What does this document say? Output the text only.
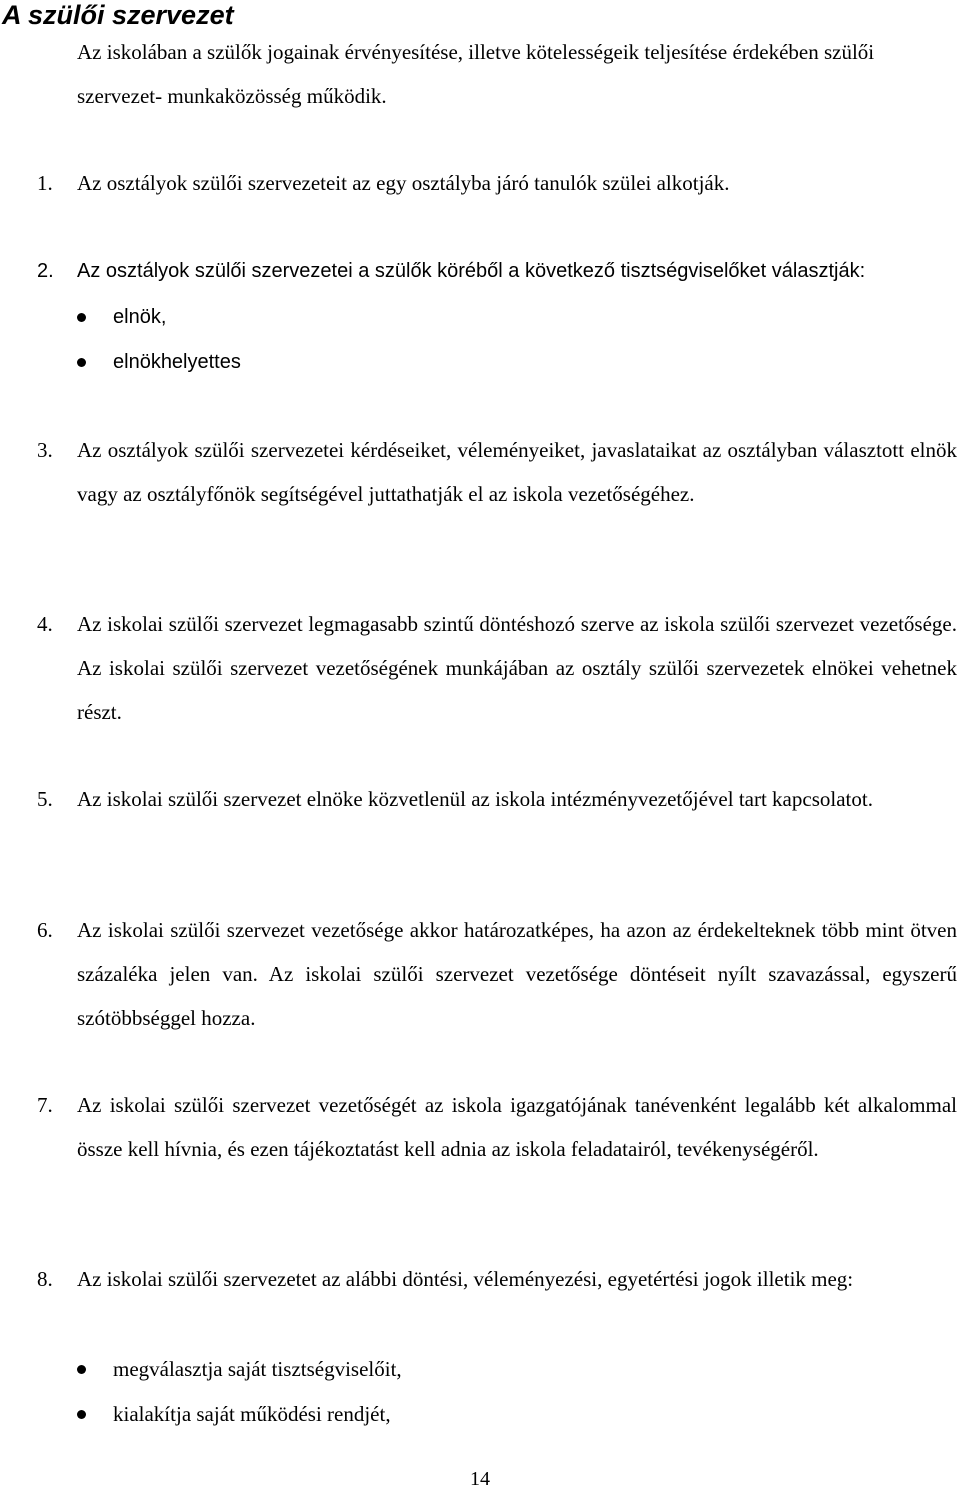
A szülői szervezet

Az iskolában a szülők jogainak érvényesítése, illetve kötelességeik teljesítése érdekében szülői szervezet- munkaközösség működik.

1. Az osztályok szülői szervezeteit az egy osztályba járó tanulók szülei alkotják.
2. Az osztályok szülői szervezetei a szülők köréből a következő tisztségviselőket választják:
elnök,
elnökhelyettes
3. Az osztályok szülői szervezetei kérdéseiket, véleményeiket, javaslataikat az osztályban választott elnök vagy az osztályfőnök segítségével juttathatják el az iskola vezetőségéhez.
4. Az iskolai szülői szervezet legmagasabb szintű döntéshozó szerve az iskola szülői szervezet vezetősége. Az iskolai szülői szervezet vezetőségének munkájában az osztály szülői szervezetek elnökei vehetnek részt.
5. Az iskolai szülői szervezet elnöke közvetlenül az iskola intézményvezetőjével tart kapcsolatot.
6. Az iskolai szülői szervezet vezetősége akkor határozatképes, ha azon az érdekelteknek több mint ötven százaléka jelen van. Az iskolai szülői szervezet vezetősége döntéseit nyílt szavazással, egyszerű szótöbbséggel hozza.
7. Az iskolai szülői szervezet vezetőségét az iskola igazgatójának tanévenként legalább két alkalommal össze kell hívnia, és ezen tájékoztatást kell adnia az iskola feladatairól, tevékenységéről.
8. Az iskolai szülői szervezetet az alábbi döntési, véleményezési, egyetértési jogok illetik meg:
megválasztja saját tisztségviselőit,
kialakítja saját működési rendjét,
14
